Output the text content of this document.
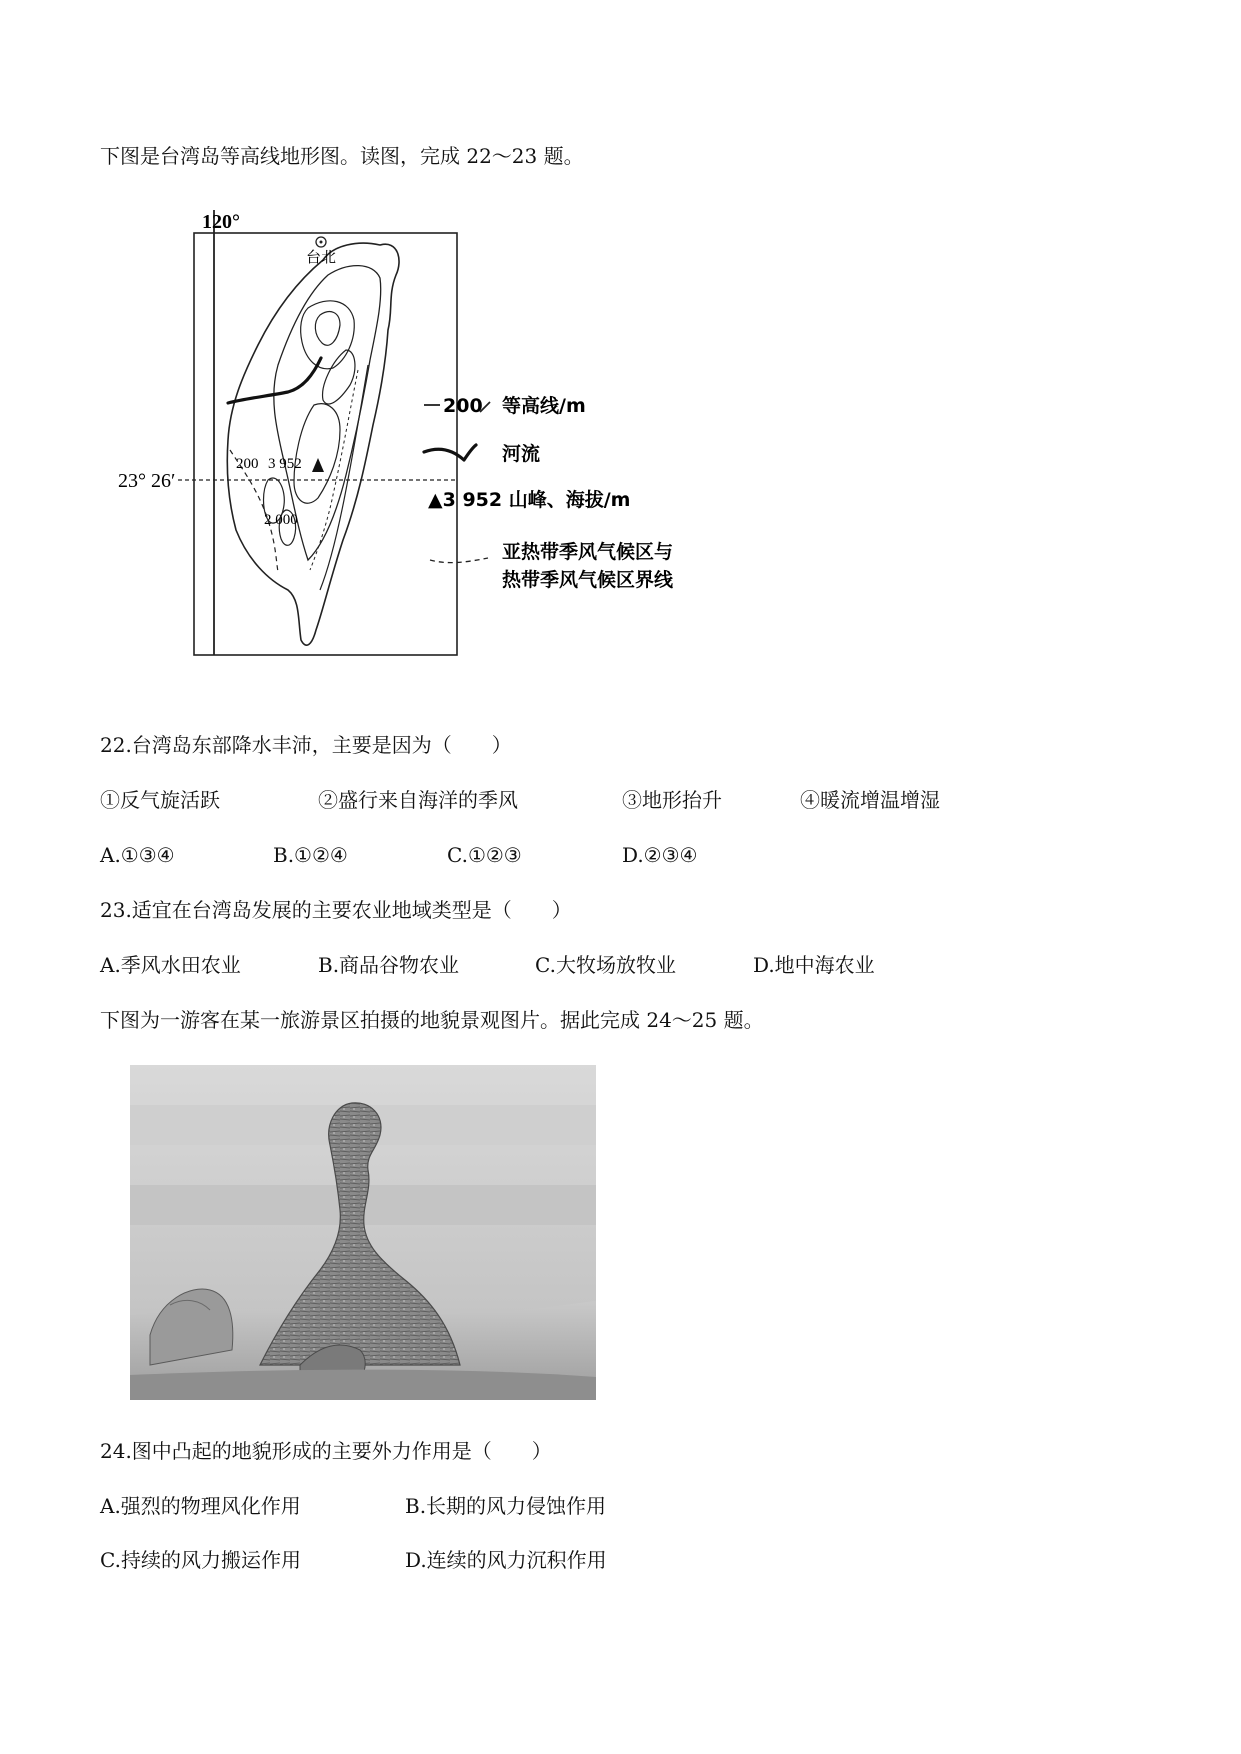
下图是台湾岛等高线地形图。读图，完成 22～23 题。
120°
23° 26′
台北
200 3 952
2 000
200 等高线/m
河流
▲3 952 山峰、海拔/m
亚热带季风气候区与
热带季风气候区界线
22.台湾岛东部降水丰沛，主要是因为（　　）
①反气旋活跃	②盛行来自海洋的季风	③地形抬升	④暖流增温增湿
A.①③④	B.①②④	C.①②③	D.②③④
23.适宜在台湾岛发展的主要农业地域类型是（　　）
A.季风水田农业	B.商品谷物农业	C.大牧场放牧业	D.地中海农业
下图为一游客在某一旅游景区拍摄的地貌景观图片。据此完成 24～25 题。
24.图中凸起的地貌形成的主要外力作用是（　　）
A.强烈的物理风化作用	B.长期的风力侵蚀作用
C.持续的风力搬运作用	D.连续的风力沉积作用
